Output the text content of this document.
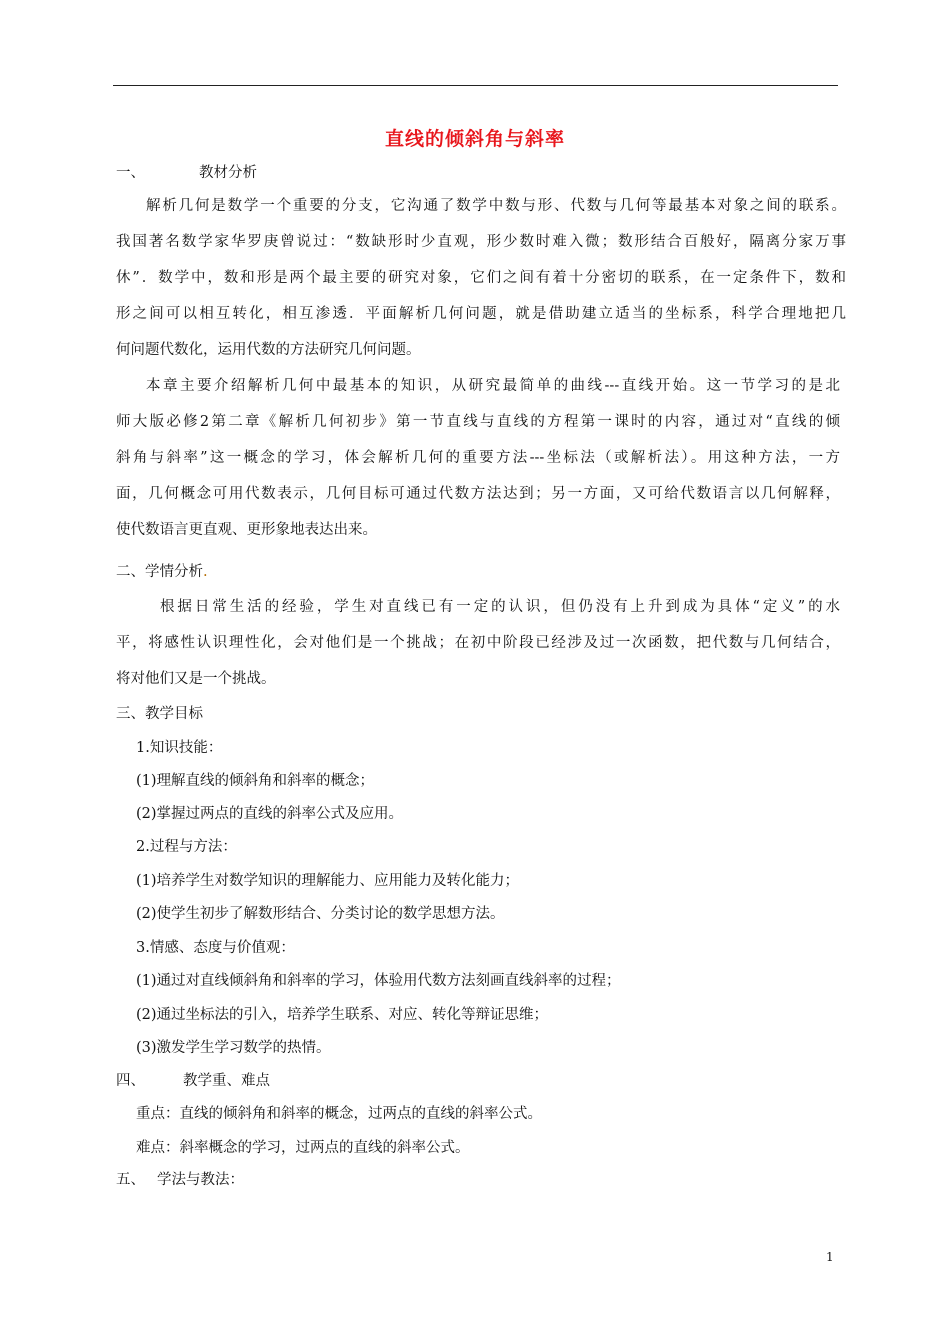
直线的倾斜角与斜率
一、	教材分析
解析几何是数学一个重要的分支，它沟通了数学中数与形、代数与几何等最基本对象之间的联系。
我国著名数学家华罗庚曾说过：“数缺形时少直观，形少数时难入微；数形结合百般好，隔离分家万事
休”．数学中，数和形是两个最主要的研究对象，它们之间有着十分密切的联系，在一定条件下，数和
形之间可以相互转化，相互渗透．平面解析几何问题，就是借助建立适当的坐标系，科学合理地把几
何问题代数化，运用代数的方法研究几何问题。
本章主要介绍解析几何中最基本的知识，从研究最简单的曲线---直线开始。这一节学习的是北
师大版必修2第二章《解析几何初步》第一节直线与直线的方程第一课时的内容，通过对“直线的倾
斜角与斜率”这一概念的学习，体会解析几何的重要方法---坐标法（或解析法）。用这种方法，一方
面，几何概念可用代数表示，几何目标可通过代数方法达到；另一方面，又可给代数语言以几何解释，
使代数语言更直观、更形象地表达出来。
二、学情分析.
根据日常生活的经验，学生对直线已有一定的认识，但仍没有上升到成为具体“定义”的水
平，将感性认识理性化，会对他们是一个挑战；在初中阶段已经涉及过一次函数，把代数与几何结合，
将对他们又是一个挑战。
三、教学目标
1.知识技能：
(1)理解直线的倾斜角和斜率的概念；
(2)掌握过两点的直线的斜率公式及应用。
2.过程与方法：
(1)培养学生对数学知识的理解能力、应用能力及转化能力；
(2)使学生初步了解数形结合、分类讨论的数学思想方法。
3.情感、态度与价值观：
(1)通过对直线倾斜角和斜率的学习，体验用代数方法刻画直线斜率的过程；
(2)通过坐标法的引入，培养学生联系、对应、转化等辩证思维；
(3)激发学生学习数学的热情。
四、	教学重、难点
重点：直线的倾斜角和斜率的概念，过两点的直线的斜率公式。
难点：斜率概念的学习，过两点的直线的斜率公式。
五、 学法与教法：
1
